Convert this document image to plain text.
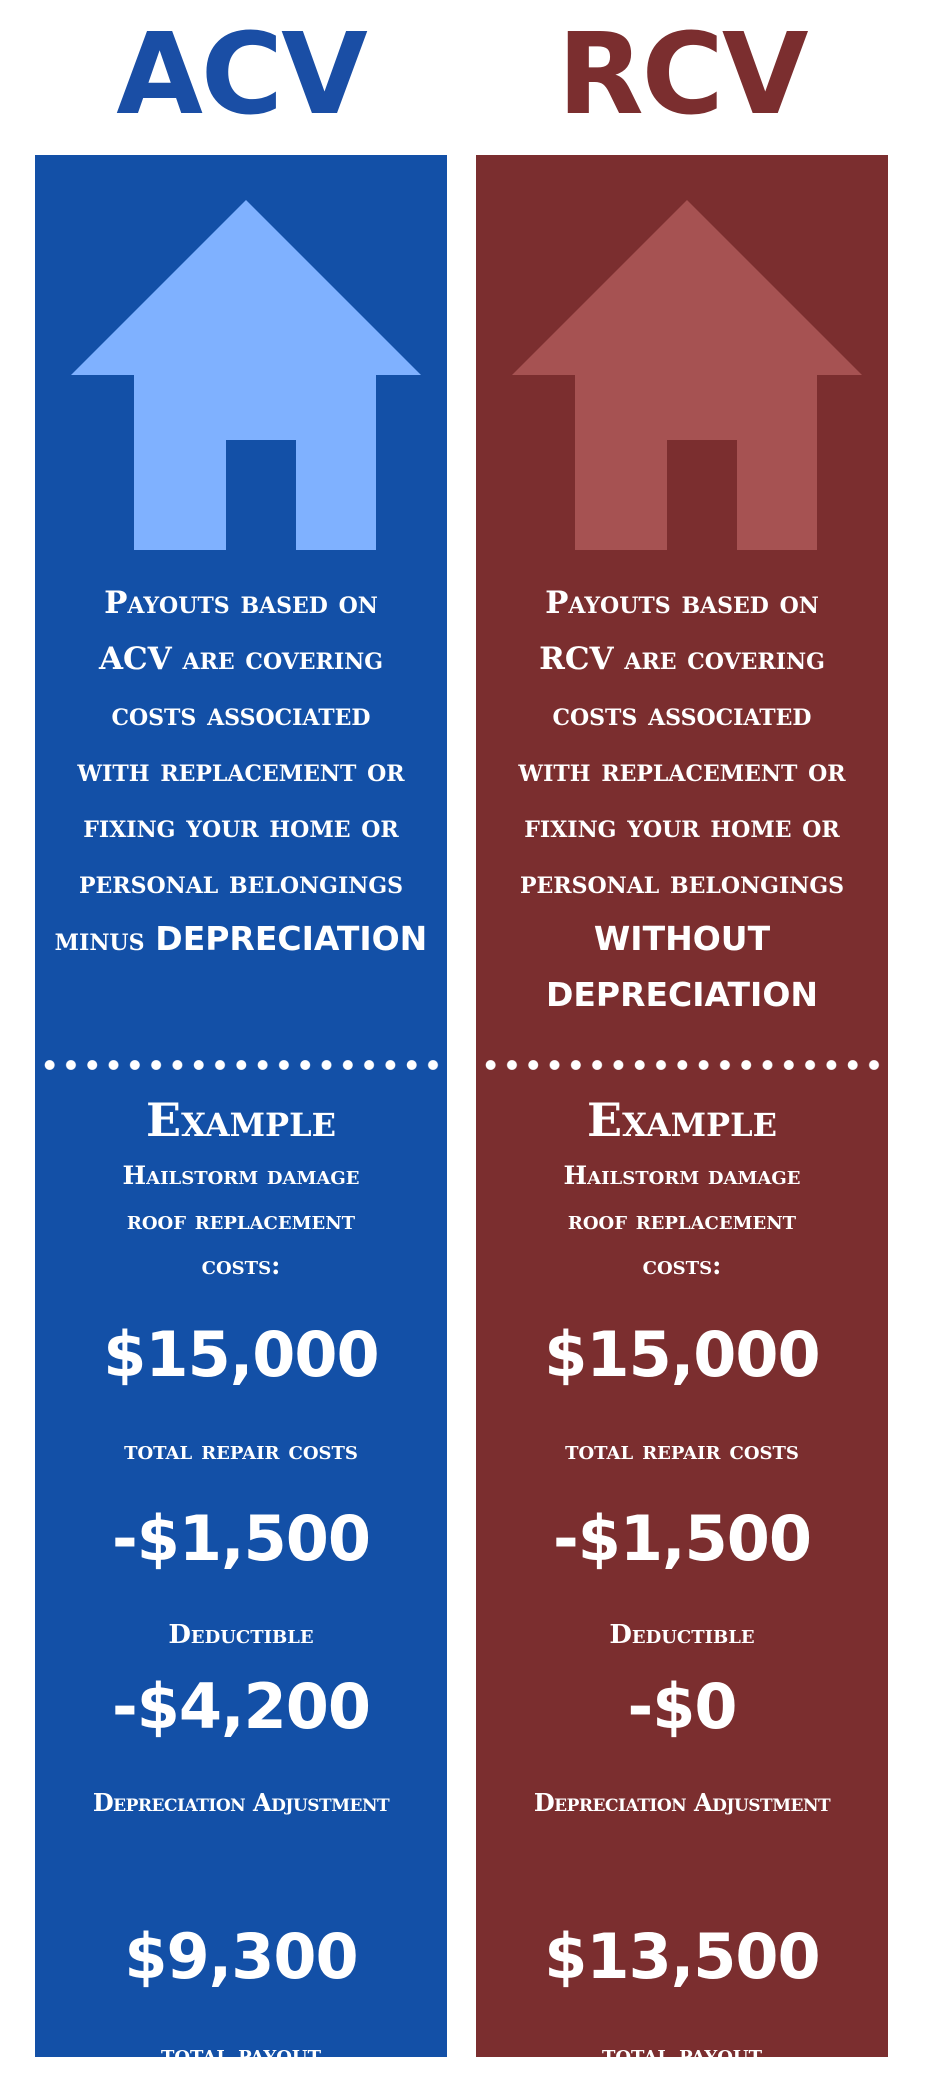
ACV	RCV
Payouts based on
ACV are covering
costs associated
with replacement or
fixing your home or
personal belongings
minus DEPRECIATION
Example
Hailstorm damage
roof replacement
costs:
$15,000
total repair costs
-$1,500
Deductible
-$4,200
Depreciation Adjustment
$9,300
total payout
Payouts based on
RCV are covering
costs associated
with replacement or
fixing your home or
personal belongings
WITHOUT
DEPRECIATION
Example
Hailstorm damage
roof replacement
costs:
$15,000
total repair costs
-$1,500
Deductible
-$0
Depreciation Adjustment
$13,500
total payout
